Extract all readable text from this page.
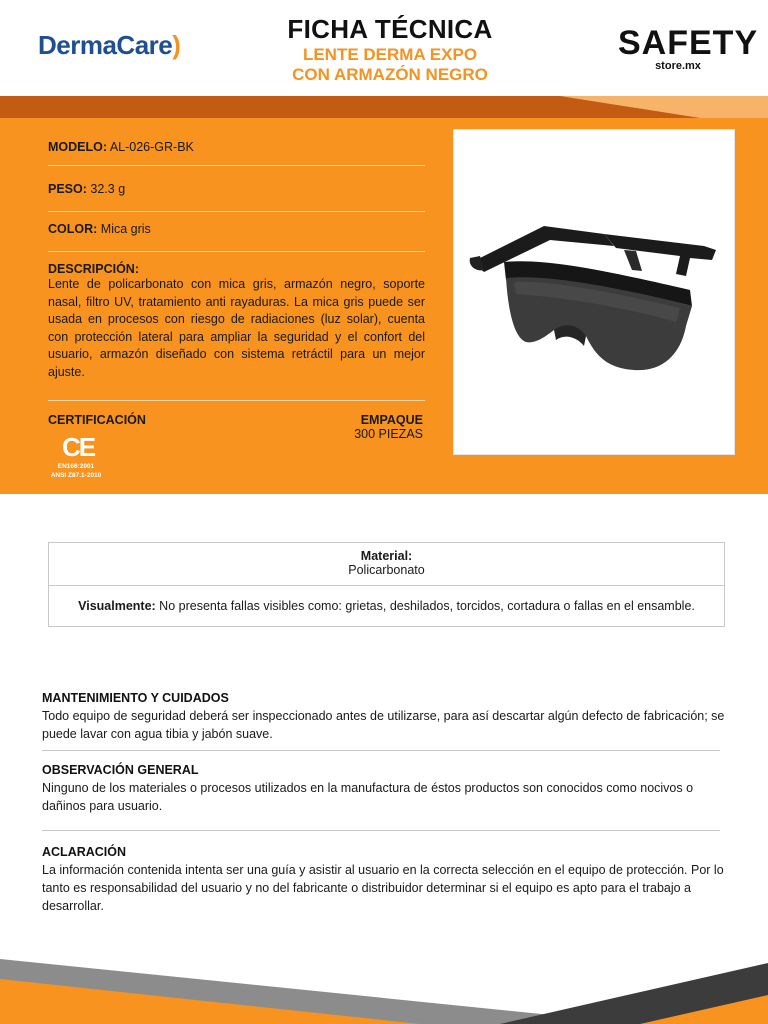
DermaCare)
FICHA TÉCNICA
LENTE DERMA EXPO
CON ARMAZÓN NEGRO
SAFETY
store.mx
MODELO: AL-026-GR-BK
PESO: 32.3 g
COLOR: Mica gris
DESCRIPCIÓN:
Lente de policarbonato con mica gris, armazón negro, soporte nasal, filtro UV, tratamiento anti rayaduras. La mica gris puede ser usada en procesos con riesgo de radiaciones (luz solar), cuenta con protección lateral para ampliar la seguridad y el confort del usuario, armazón diseñado con sistema retráctil para un mejor ajuste.
CERTIFICACIÓN
CE
EN166:2001
ANSI Z87.1-2010
EMPAQUE
300 PIEZAS
Material:
Policarbonato
Visualmente: No presenta fallas visibles como: grietas, deshilados, torcidos, cortadura o fallas en el ensamble.
MANTENIMIENTO Y CUIDADOS

Todo equipo de seguridad deberá ser inspeccionado antes de utilizarse, para así descartar algún defecto de fabricación; se puede lavar con agua tibia y jabón suave.

OBSERVACIÓN GENERAL

Ninguno de los materiales o procesos utilizados en la manufactura de éstos productos son conocidos como nocivos o dañinos para usuario.

ACLARACIÓN

La información contenida intenta ser una guía y asistir al usuario en la correcta selección en el equipo de protección. Por lo tanto es responsabilidad del usuario y no del fabricante o distribuidor determinar si el equipo es apto para el trabajo a desarrollar.
